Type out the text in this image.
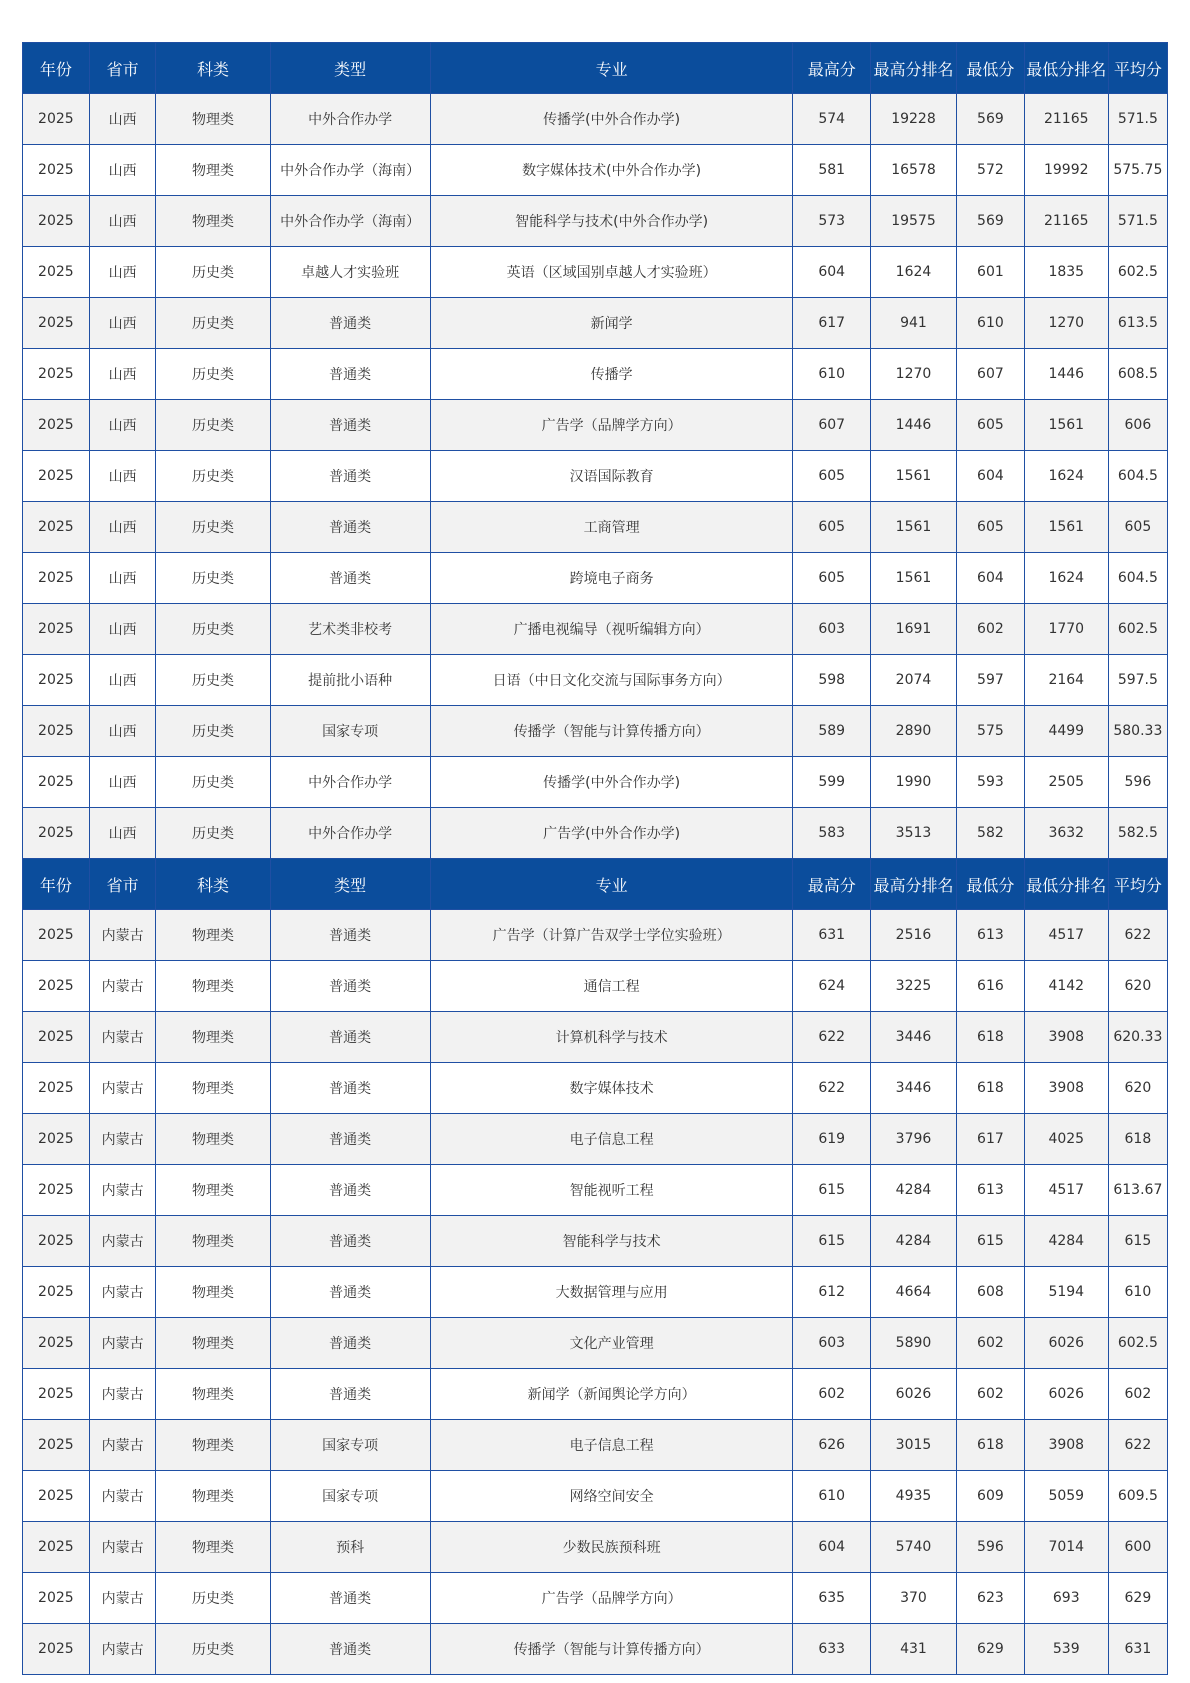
年份	省市	科类	类型	专业	最高分	最高分排名	最低分	最低分排名	平均分
2025	山西	物理类	中外合作办学	传播学(中外合作办学)	574	19228	569	21165	571.5
2025	山西	物理类	中外合作办学（海南）	数字媒体技术(中外合作办学)	581	16578	572	19992	575.75
2025	山西	物理类	中外合作办学（海南）	智能科学与技术(中外合作办学)	573	19575	569	21165	571.5
2025	山西	历史类	卓越人才实验班	英语（区域国别卓越人才实验班）	604	1624	601	1835	602.5
2025	山西	历史类	普通类	新闻学	617	941	610	1270	613.5
2025	山西	历史类	普通类	传播学	610	1270	607	1446	608.5
2025	山西	历史类	普通类	广告学（品牌学方向）	607	1446	605	1561	606
2025	山西	历史类	普通类	汉语国际教育	605	1561	604	1624	604.5
2025	山西	历史类	普通类	工商管理	605	1561	605	1561	605
2025	山西	历史类	普通类	跨境电子商务	605	1561	604	1624	604.5
2025	山西	历史类	艺术类非校考	广播电视编导（视听编辑方向）	603	1691	602	1770	602.5
2025	山西	历史类	提前批小语种	日语（中日文化交流与国际事务方向）	598	2074	597	2164	597.5
2025	山西	历史类	国家专项	传播学（智能与计算传播方向）	589	2890	575	4499	580.33
2025	山西	历史类	中外合作办学	传播学(中外合作办学)	599	1990	593	2505	596
2025	山西	历史类	中外合作办学	广告学(中外合作办学)	583	3513	582	3632	582.5
年份	省市	科类	类型	专业	最高分	最高分排名	最低分	最低分排名	平均分
2025	内蒙古	物理类	普通类	广告学（计算广告双学士学位实验班）	631	2516	613	4517	622
2025	内蒙古	物理类	普通类	通信工程	624	3225	616	4142	620
2025	内蒙古	物理类	普通类	计算机科学与技术	622	3446	618	3908	620.33
2025	内蒙古	物理类	普通类	数字媒体技术	622	3446	618	3908	620
2025	内蒙古	物理类	普通类	电子信息工程	619	3796	617	4025	618
2025	内蒙古	物理类	普通类	智能视听工程	615	4284	613	4517	613.67
2025	内蒙古	物理类	普通类	智能科学与技术	615	4284	615	4284	615
2025	内蒙古	物理类	普通类	大数据管理与应用	612	4664	608	5194	610
2025	内蒙古	物理类	普通类	文化产业管理	603	5890	602	6026	602.5
2025	内蒙古	物理类	普通类	新闻学（新闻舆论学方向）	602	6026	602	6026	602
2025	内蒙古	物理类	国家专项	电子信息工程	626	3015	618	3908	622
2025	内蒙古	物理类	国家专项	网络空间安全	610	4935	609	5059	609.5
2025	内蒙古	物理类	预科	少数民族预科班	604	5740	596	7014	600
2025	内蒙古	历史类	普通类	广告学（品牌学方向）	635	370	623	693	629
2025	内蒙古	历史类	普通类	传播学（智能与计算传播方向）	633	431	629	539	631
